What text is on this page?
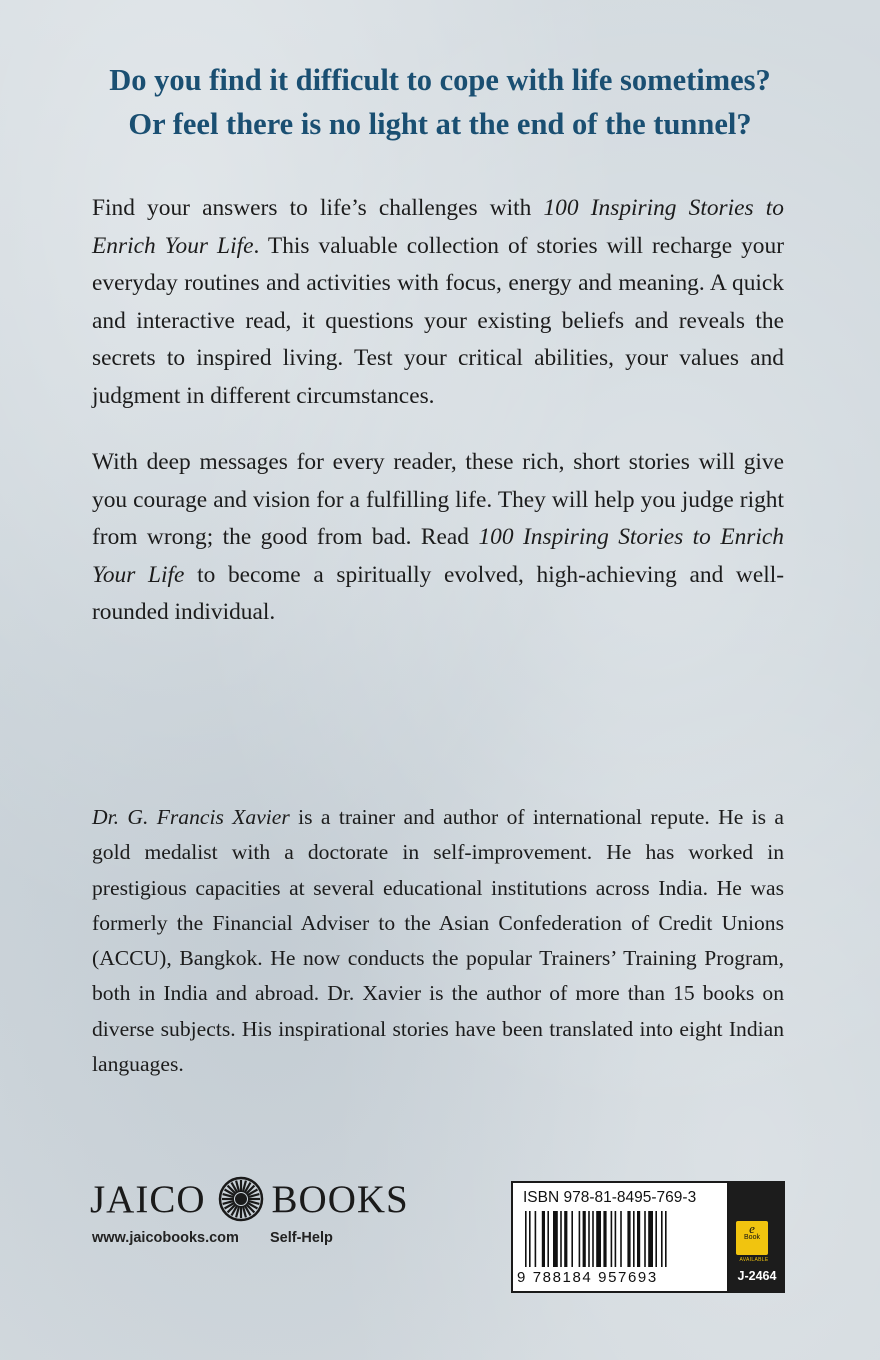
Do you find it difficult to cope with life sometimes?
Or feel there is no light at the end of the tunnel?
Find your answers to life’s challenges with 100 Inspiring Stories to Enrich Your Life. This valuable collection of stories will recharge your everyday routines and activities with focus, energy and meaning. A quick and interactive read, it questions your existing beliefs and reveals the secrets to inspired living. Test your critical abilities, your values and judgment in different circumstances.
With deep messages for every reader, these rich, short stories will give you courage and vision for a fulfilling life. They will help you judge right from wrong; the good from bad. Read 100 Inspiring Stories to Enrich Your Life to become a spiritually evolved, high-achieving and well-rounded individual.
Dr. G. Francis Xavier is a trainer and author of international repute. He is a gold medalist with a doctorate in self-improvement. He has worked in prestigious capacities at several educational institutions across India. He was formerly the Financial Adviser to the Asian Confederation of Credit Unions (ACCU), Bangkok. He now conducts the popular Trainers’ Training Program, both in India and abroad. Dr. Xavier is the author of more than 15 books on diverse subjects. His inspirational stories have been translated into eight Indian languages.
JAICO BOOKS
www.jaicobooks.com Self-Help
ISBN 978-81-8495-769-3
9 788184 957693
e
Book
AVAILABLE
J-2464
